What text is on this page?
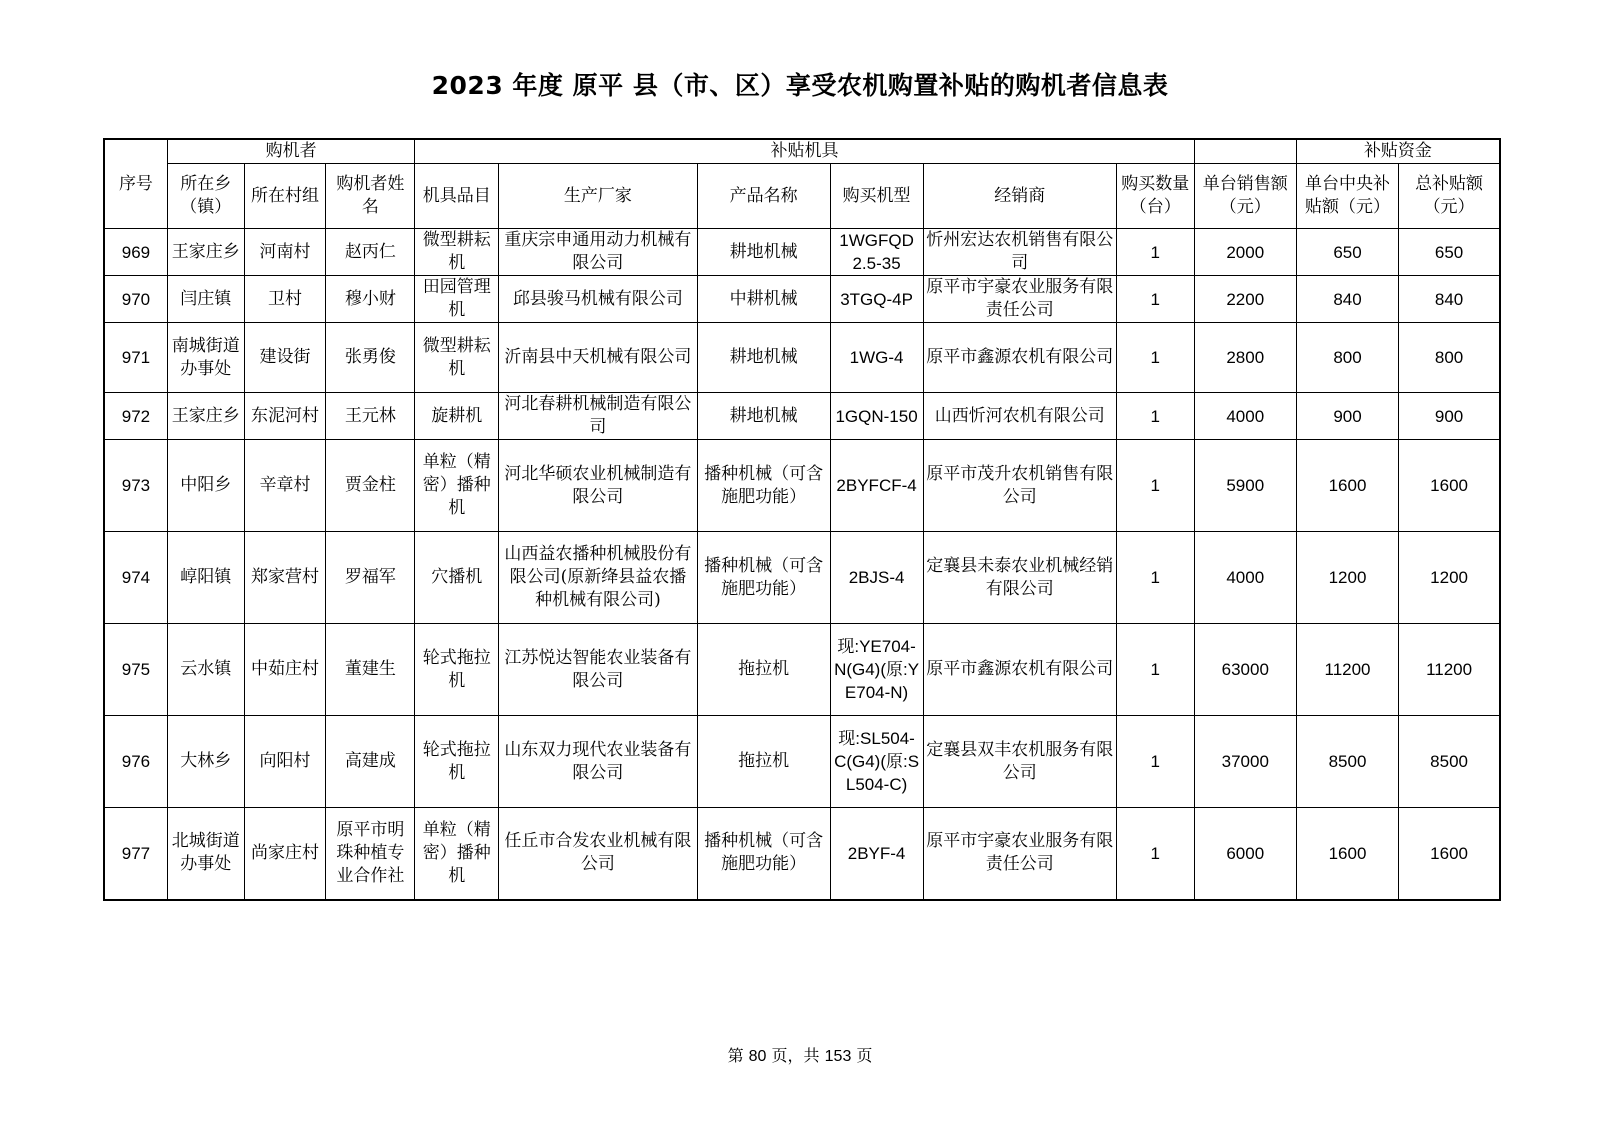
2023 年度 原平 县（市、区）享受农机购置补贴的购机者信息表
序号	购机者			补贴机具							补贴资金	
	所在乡（镇）	所在村组	购机者姓名	机具品目	生产厂家	产品名称	购买机型	经销商	购买数量（台）	单台销售额（元）	单台中央补贴额（元）	总补贴额（元）
969	王家庄乡	河南村	赵丙仁	微型耕耘机	重庆宗申通用动力机械有限公司	耕地机械	1WGFQD2.5-35	忻州宏达农机销售有限公司	1	2000	650	650
970	闫庄镇	卫村	穆小财	田园管理机	邱县骏马机械有限公司	中耕机械	3TGQ-4P	原平市宇豪农业服务有限责任公司	1	2200	840	840
971	南城街道办事处	建设街	张勇俊	微型耕耘机	沂南县中天机械有限公司	耕地机械	1WG-4	原平市鑫源农机有限公司	1	2800	800	800
972	王家庄乡	东泥河村	王元林	旋耕机	河北春耕机械制造有限公司	耕地机械	1GQN-150	山西忻河农机有限公司	1	4000	900	900
973	中阳乡	辛章村	贾金柱	单粒（精密）播种机	河北华硕农业机械制造有限公司	播种机械（可含施肥功能）	2BYFCF-4	原平市茂升农机销售有限公司	1	5900	1600	1600
974	崞阳镇	郑家营村	罗福军	穴播机	山西益农播种机械股份有限公司(原新绛县益农播种机械有限公司)	播种机械（可含施肥功能）	2BJS-4	定襄县未泰农业机械经销有限公司	1	4000	1200	1200
975	云水镇	中茹庄村	董建生	轮式拖拉机	江苏悦达智能农业装备有限公司	拖拉机	现:YE704-N(G4)(原:YE704-N)	原平市鑫源农机有限公司	1	63000	11200	11200
976	大林乡	向阳村	高建成	轮式拖拉机	山东双力现代农业装备有限公司	拖拉机	现:SL504-C(G4)(原:SL504-C)	定襄县双丰农机服务有限公司	1	37000	8500	8500
977	北城街道办事处	尚家庄村	原平市明珠种植专业合作社	单粒（精密）播种机	任丘市合发农业机械有限公司	播种机械（可含施肥功能）	2BYF-4	原平市宇豪农业服务有限责任公司	1	6000	1600	1600
第 80 页，共 153 页
